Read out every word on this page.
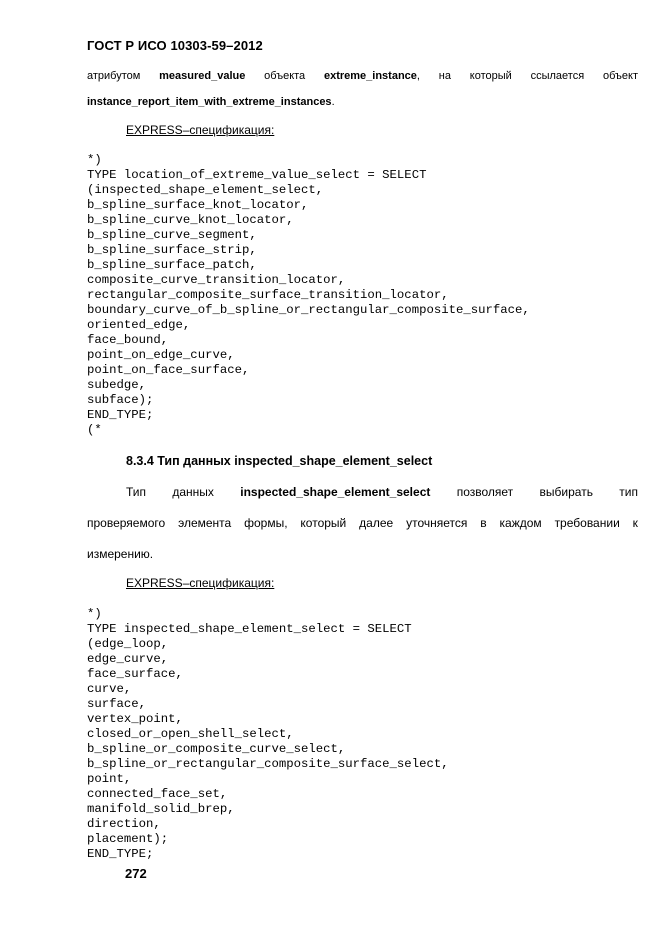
ГОСТ Р ИСО 10303-59–2012
атрибутом measured_value объекта extreme_instance, на который ссылается объект
instance_report_item_with_extreme_instances.
EXPRESS–спецификация:
*)
TYPE location_of_extreme_value_select = SELECT
(inspected_shape_element_select,
b_spline_surface_knot_locator,
b_spline_curve_knot_locator,
b_spline_curve_segment,
b_spline_surface_strip,
b_spline_surface_patch,
composite_curve_transition_locator,
rectangular_composite_surface_transition_locator,
boundary_curve_of_b_spline_or_rectangular_composite_surface,
oriented_edge,
face_bound,
point_on_edge_curve,
point_on_face_surface,
subedge,
subface);
END_TYPE;
(*

8.3.4 Тип данных inspected_shape_element_select
Тип данных inspected_shape_element_select позволяет выбирать тип
проверяемого элемента формы, который далее уточняется в каждом требовании к
измерению.
EXPRESS–спецификация:
*)
TYPE inspected_shape_element_select = SELECT
(edge_loop,
edge_curve,
face_surface,
curve,
surface,
vertex_point,
closed_or_open_shell_select,
b_spline_or_composite_curve_select,
b_spline_or_rectangular_composite_surface_select,
point,
connected_face_set,
manifold_solid_brep,
direction,
placement);
END_TYPE;

272
